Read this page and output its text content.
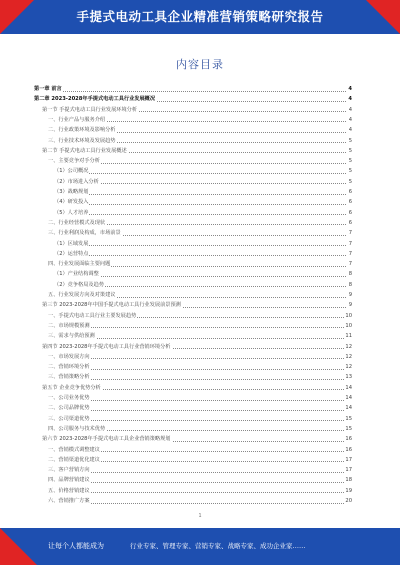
手提式电动工具企业精准营销策略研究报告
内容目录
第一章 前言	4
第二章 2023-2028年手提式电动工具行业发展概况	4
第一节 手提式电动工具行业发展环境分析	4
一、行业产品与服务介绍	4
二、行业政策环境及影响分析	4
三、行业技术环境及发展趋势	5
第二节 手提式电动工具行业发展概述	5
一、主要竞争对手分析	5
（1）公司概况	5
（2）市场进入分析	5
（3）战略规划	6
（4）研发投入	6
（5）人才培养	6
二、行业经营模式及现状	6
三、行业利润及构成，市场前景	7
（1）区域发展	7
（2）运营特点	7
四、行业发展面临主要问题	7
（1）产业结构调整	8
（2）竞争格局及趋势	8
五、行业发展方向及对策建议	9
第三节 2023-2028年中国手提式电动工具行业发展前景预测	9
一、手提式电动工具行业主要发展趋势	10
二、市场规模预测	10
三、需求与供给预测	11
第四节 2023-2028年手提式电动工具行业营销环境分析	12
一、市场发展方向	12
二、营销环境分析	12
三、营销策略分析	13
第五节 企业竞争优势分析	14
一、公司业务优势	14
二、公司品牌优势	14
三、公司渠道优势	15
四、公司服务与技术优势	15
第六节 2023-2028年手提式电动工具企业营销策略规划	16
一、营销模式调整建议	16
二、营销渠道优化建议	17
三、客户营销方向	17
四、品牌营销建议	18
五、价格营销建议	19
六、营销推广方案	20
1
让每个人都能成为	行业专家、管理专家、营销专家、战略专家、成功企业家……
